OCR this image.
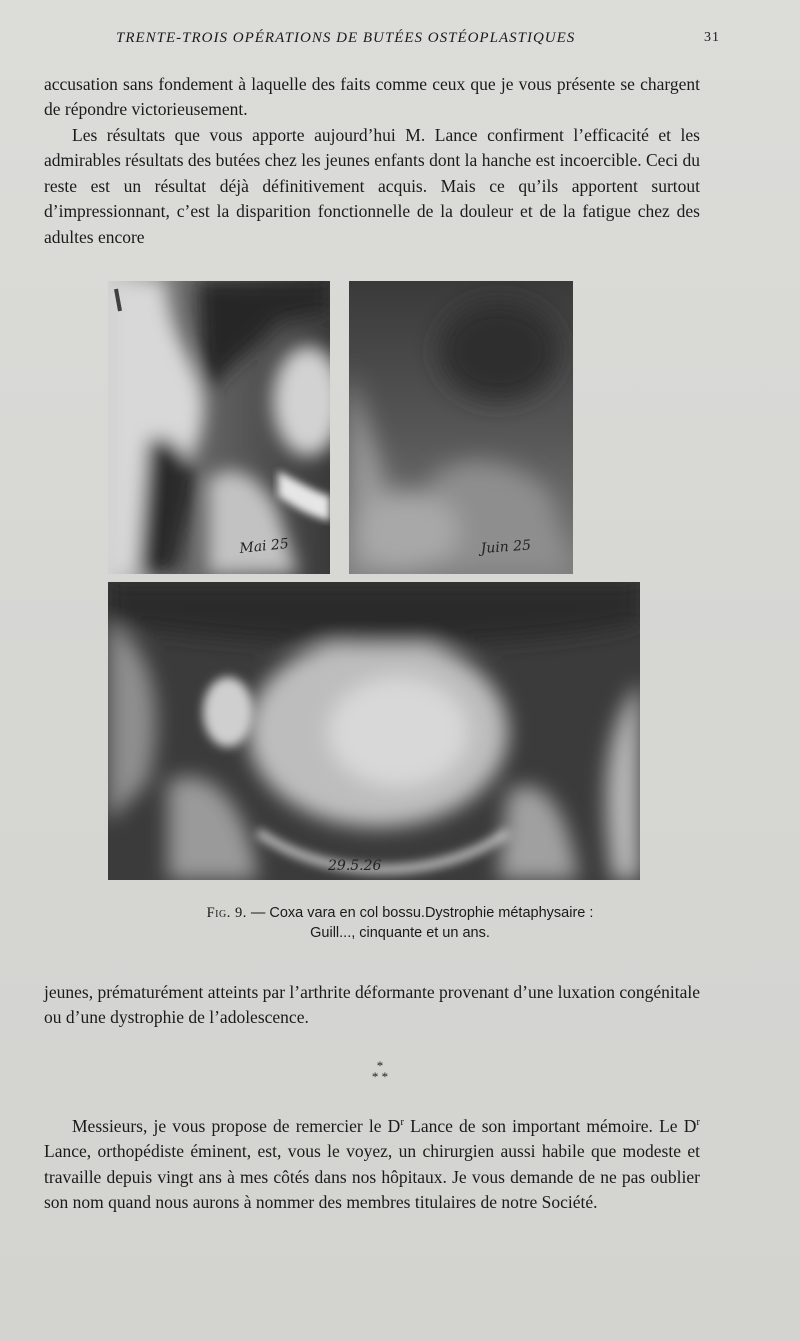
TRENTE-TROIS OPÉRATIONS DE BUTÉES OSTÉOPLASTIQUES	31

accusation sans fondement à laquelle des faits comme ceux que je vous présente se chargent de répondre victorieusement.

Les résultats que vous apporte aujourd’hui M. Lance confirment l’efficacité et les admirables résultats des butées chez les jeunes enfants dont la hanche est incoercible. Ceci du reste est un résultat déjà définitivement acquis. Mais ce qu’ils apportent surtout d’impressionnant, c’est la disparition fonctionnelle de la douleur et de la fatigue chez des adultes encore

Mai 25	Juin 25
29.5.26

Fig. 9. — Coxa vara en col bossu.Dystrophie métaphysaire :
Guill..., cinquante et un ans.

jeunes, prématurément atteints par l’arthrite déformante provenant d’une luxation congénitale ou d’une dystrophie de l’adolescence.

*
* *

Messieurs, je vous propose de remercier le $D^r$ Lance de son important mémoire. Le $D^r$ Lance, orthopédiste éminent, est, vous le voyez, un chirurgien aussi habile que modeste et travaille depuis vingt ans à mes côtés dans nos hôpitaux. Je vous demande de ne pas oublier son nom quand nous aurons à nommer des membres titulaires de notre Société.
